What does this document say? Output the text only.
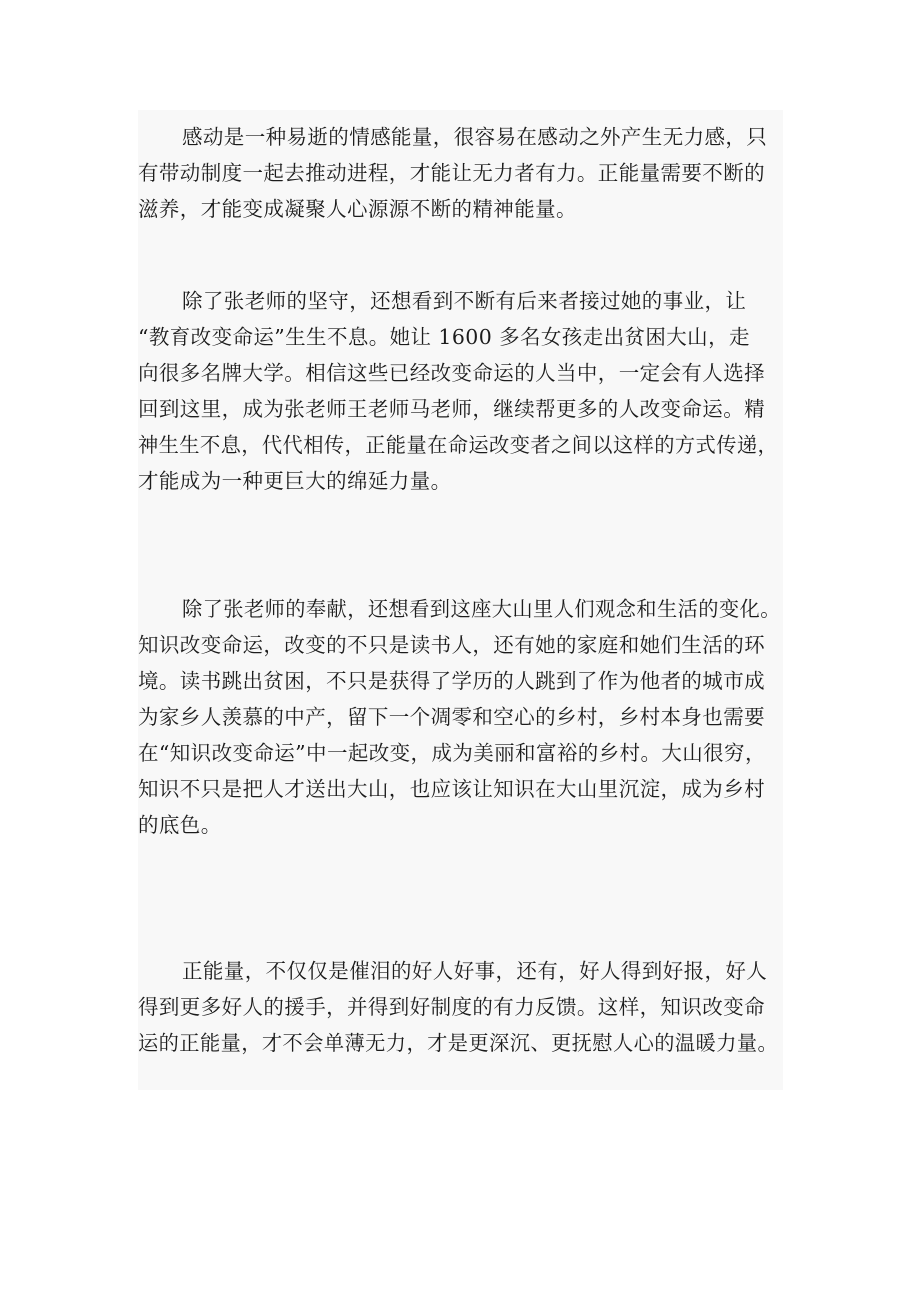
感动是一种易逝的情感能量，很容易在感动之外产生无力感，只
有带动制度一起去推动进程，才能让无力者有力。正能量需要不断的
滋养，才能变成凝聚人心源源不断的精神能量。
除了张老师的坚守，还想看到不断有后来者接过她的事业，让
“教育改变命运”生生不息。她让 1600 多名女孩走出贫困大山，走
向很多名牌大学。相信这些已经改变命运的人当中，一定会有人选择
回到这里，成为张老师王老师马老师，继续帮更多的人改变命运。精
神生生不息，代代相传，正能量在命运改变者之间以这样的方式传递，
才能成为一种更巨大的绵延力量。
除了张老师的奉献，还想看到这座大山里人们观念和生活的变化。
知识改变命运，改变的不只是读书人，还有她的家庭和她们生活的环
境。读书跳出贫困，不只是获得了学历的人跳到了作为他者的城市成
为家乡人羡慕的中产，留下一个凋零和空心的乡村，乡村本身也需要
在“知识改变命运”中一起改变，成为美丽和富裕的乡村。大山很穷，
知识不只是把人才送出大山，也应该让知识在大山里沉淀，成为乡村
的底色。
正能量，不仅仅是催泪的好人好事，还有，好人得到好报，好人
得到更多好人的援手，并得到好制度的有力反馈。这样，知识改变命
运的正能量，才不会单薄无力，才是更深沉、更抚慰人心的温暖力量。
